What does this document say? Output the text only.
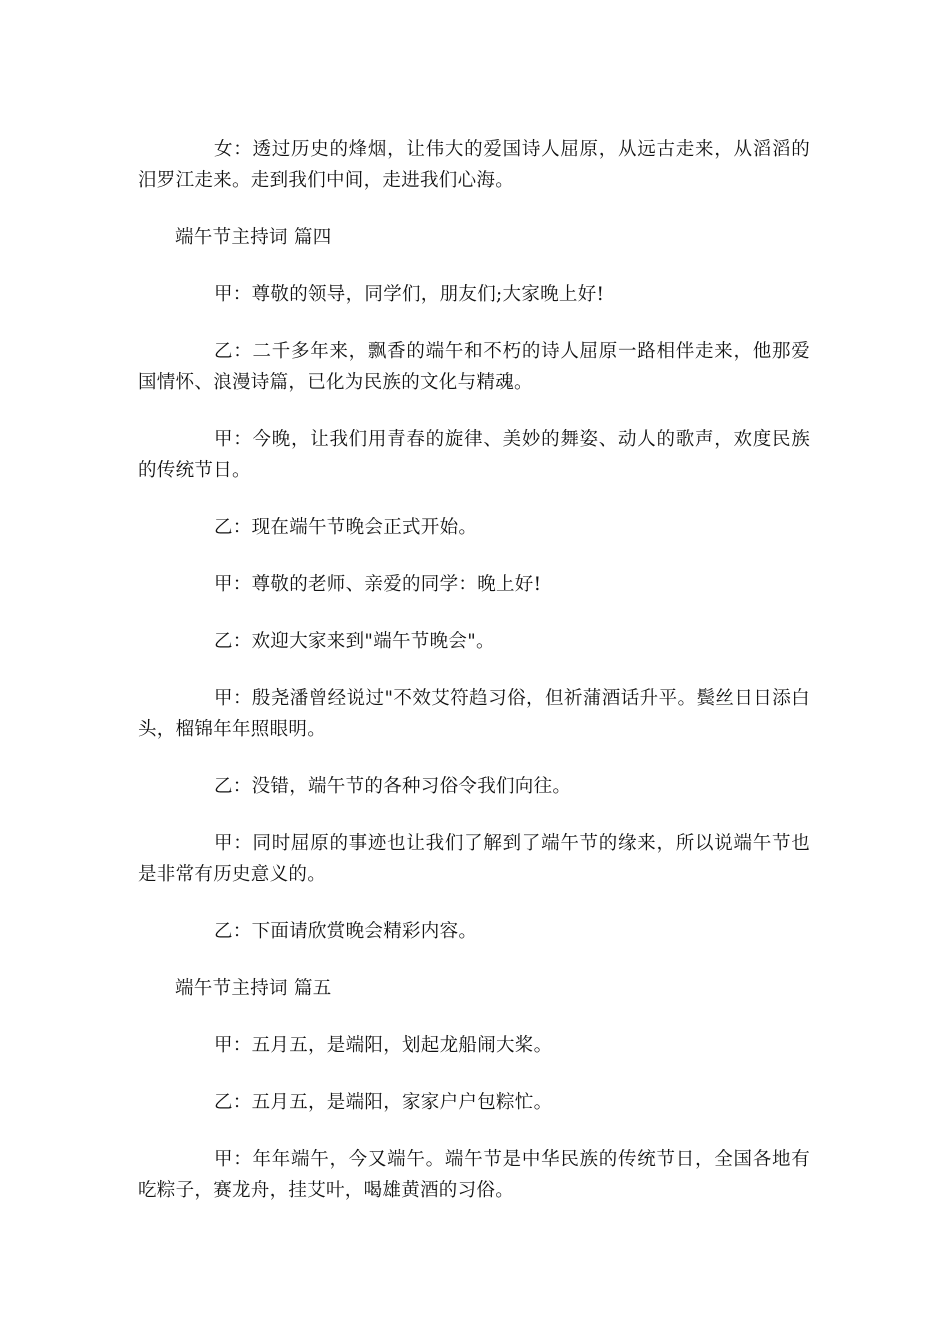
女：透过历史的烽烟，让伟大的爱国诗人屈原，从远古走来，从滔滔的汨罗江走来。走到我们中间，走进我们心海。

端午节主持词 篇四

甲：尊敬的领导，同学们，朋友们;大家晚上好!

乙：二千多年来，飘香的端午和不朽的诗人屈原一路相伴走来，他那爱国情怀、浪漫诗篇，已化为民族的文化与精魂。

甲：今晚，让我们用青春的旋律、美妙的舞姿、动人的歌声，欢度民族的传统节日。

乙：现在端午节晚会正式开始。

甲：尊敬的老师、亲爱的同学：晚上好!

乙：欢迎大家来到"端午节晚会"。

甲：殷尧潘曾经说过"不效艾符趋习俗，但祈蒲酒话升平。鬓丝日日添白头，榴锦年年照眼明。

乙：没错，端午节的各种习俗令我们向往。

甲：同时屈原的事迹也让我们了解到了端午节的缘来，所以说端午节也是非常有历史意义的。

乙：下面请欣赏晚会精彩内容。

端午节主持词 篇五

甲：五月五，是端阳，划起龙船闹大桨。

乙：五月五，是端阳，家家户户包粽忙。

甲：年年端午，今又端午。端午节是中华民族的传统节日，全国各地有吃粽子，赛龙舟，挂艾叶，喝雄黄酒的习俗。
